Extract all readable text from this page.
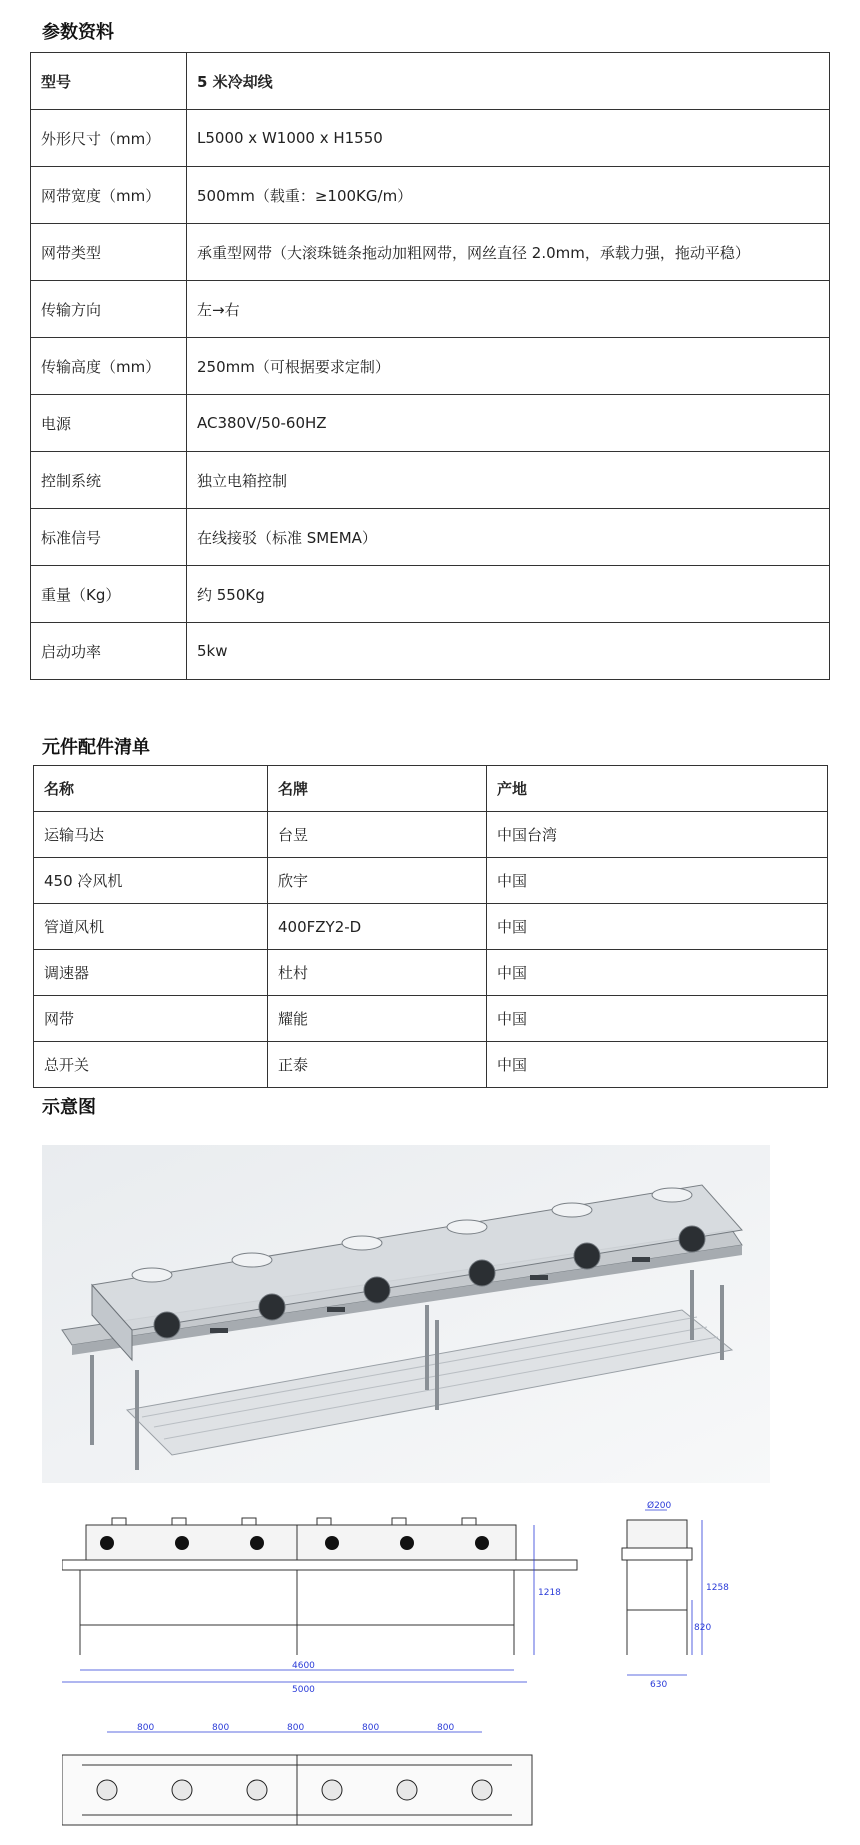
参数资料
型号	5 米冷却线
外形尺寸（mm）	L5000 x W1000 x H1550
网带宽度（mm）	500mm（载重：≥100KG/m）
网带类型	承重型网带（大滚珠链条拖动加粗网带，网丝直径 2.0mm，承载力强，拖动平稳）
传输方向	左→右
传输高度（mm）	250mm（可根据要求定制）
电源	AC380V/50-60HZ
控制系统	独立电箱控制
标准信号	在线接驳（标准 SMEMA）
重量（Kg）	约 550Kg
启动功率	5kw
元件配件清单
名称	名牌	产地
运输马达	台昱	中国台湾
450 冷风机	欣宇	中国
管道风机	400FZY2-D	中国
调速器	杜村	中国
网带	耀能	中国
总开关	正泰	中国
示意图
4600
5000
1218
Ø200
1258
820
630
800	800	800	800	800
